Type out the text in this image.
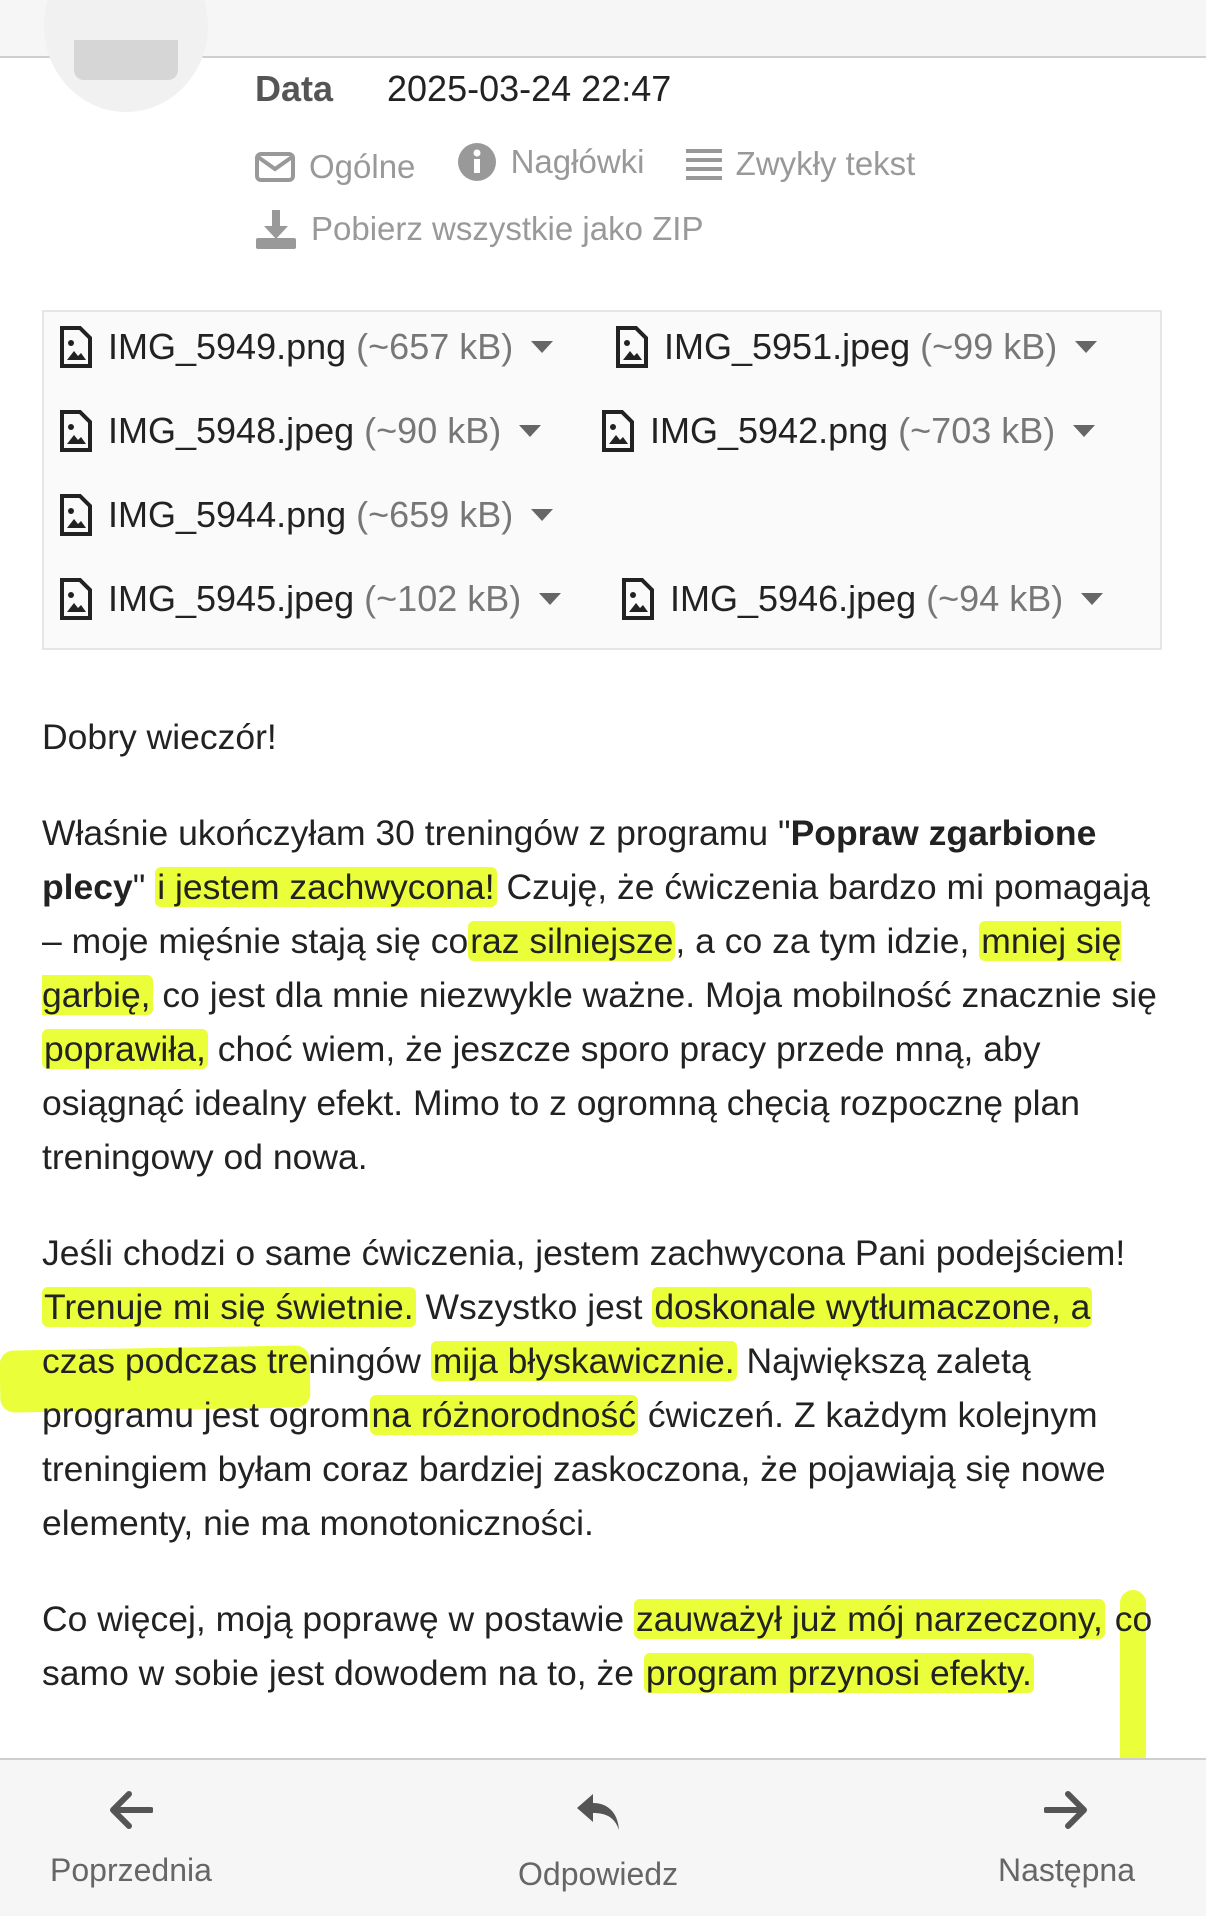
Data 2025-03-24 22:47
Ogólne
	Nagłówki
	Zwykły tekst
Pobierz wszystkie jako ZIP
IMG_5949.png (~657 kB)	IMG_5951.jpeg (~99 kB)
IMG_5948.jpeg (~90 kB)	IMG_5942.png (~703 kB)
IMG_5944.png (~659 kB)
IMG_5945.jpeg (~102 kB)	IMG_5946.jpeg (~94 kB)

Dobry wieczór!

Właśnie ukończyłam 30 treningów z programu "Popraw zgarbione plecy" i jestem zachwycona! Czuję, że ćwiczenia bardzo mi pomagają – moje mięśnie stają się coraz silniejsze, a co za tym idzie, mniej się garbię, co jest dla mnie niezwykle ważne. Moja mobilność znacznie się poprawiła, choć wiem, że jeszcze sporo pracy przede mną, aby osiągnąć idealny efekt. Mimo to z ogromną chęcią rozpocznę plan treningowy od nowa.

Jeśli chodzi o same ćwiczenia, jestem zachwycona Pani podejściem! Trenuje mi się świetnie. Wszystko jest doskonale wytłumaczone, a czas podczas treningów mija błyskawicznie. Największą zaletą programu jest ogromna różnorodność ćwiczeń. Z każdym kolejnym treningiem byłam coraz bardziej zaskoczona, że pojawiają się nowe elementy, nie ma monotoniczności.

Co więcej, moją poprawę w postawie zauważył już mój narzeczony, co samo w sobie jest dowodem na to, że program przynosi efekty.

Poprzednia	Odpowiedz	Następna
